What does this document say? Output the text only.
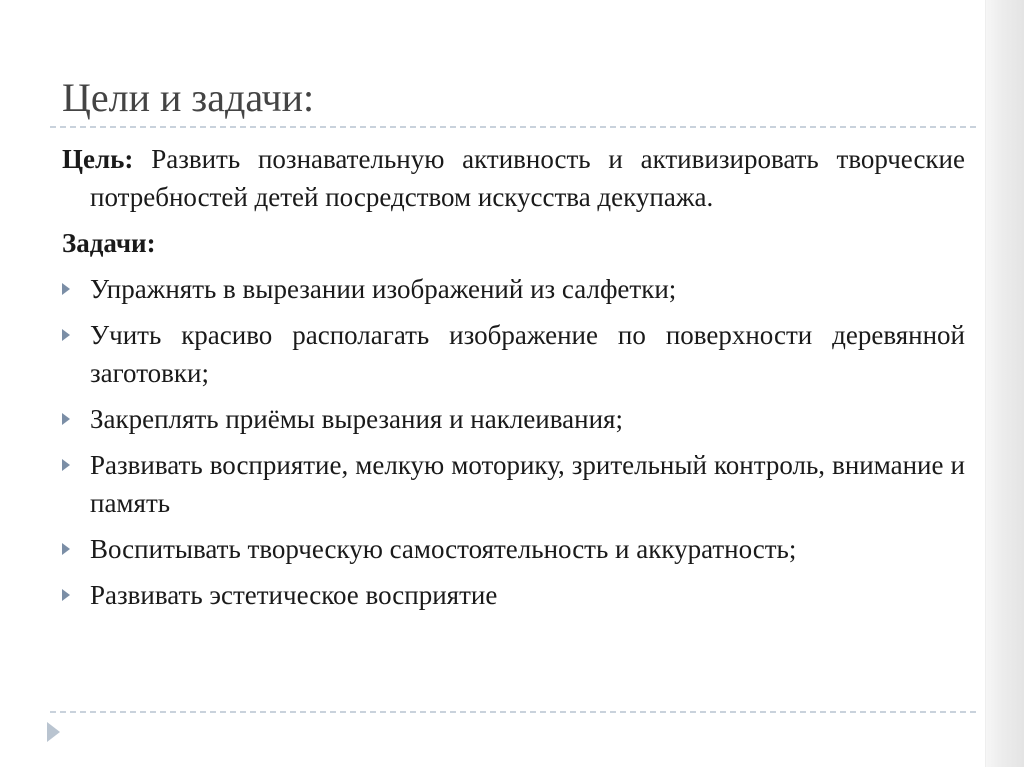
Цели и задачи:
Цель: Развить познавательную активность и активизировать творческие потребностей детей посредством искусства декупажа.
Задачи:
Упражнять в вырезании изображений из салфетки;
Учить красиво располагать изображение по поверхности деревянной заготовки;
Закреплять приёмы вырезания и наклеивания;
Развивать восприятие, мелкую моторику, зрительный контроль, внимание и память
Воспитывать творческую самостоятельность и аккуратность;
Развивать эстетическое восприятие
